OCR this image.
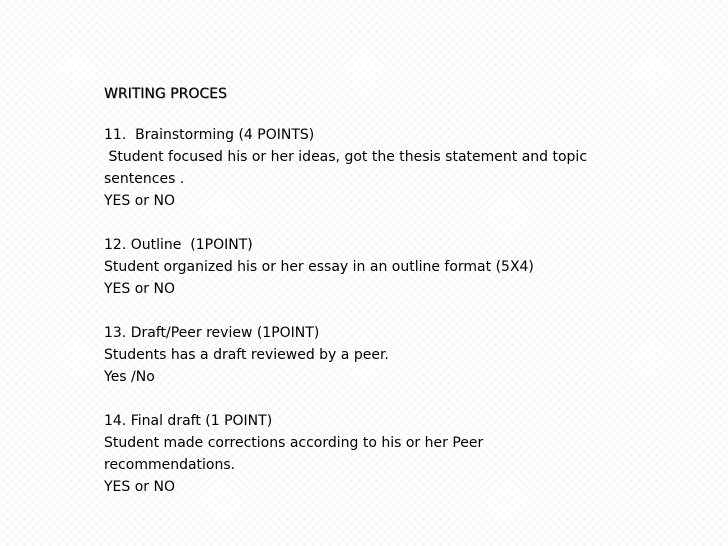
WRITING PROCES
11.  Brainstorming (4 POINTS)
Student focused his or her ideas, got the thesis statement and topic
sentences .
YES or NO
12. Outline  (1POINT)
Student organized his or her essay in an outline format (5X4)
YES or NO
13. Draft/Peer review (1POINT)
Students has a draft reviewed by a peer.
Yes /No
14. Final draft (1 POINT)
Student made corrections according to his or her Peer
recommendations.
YES or NO
